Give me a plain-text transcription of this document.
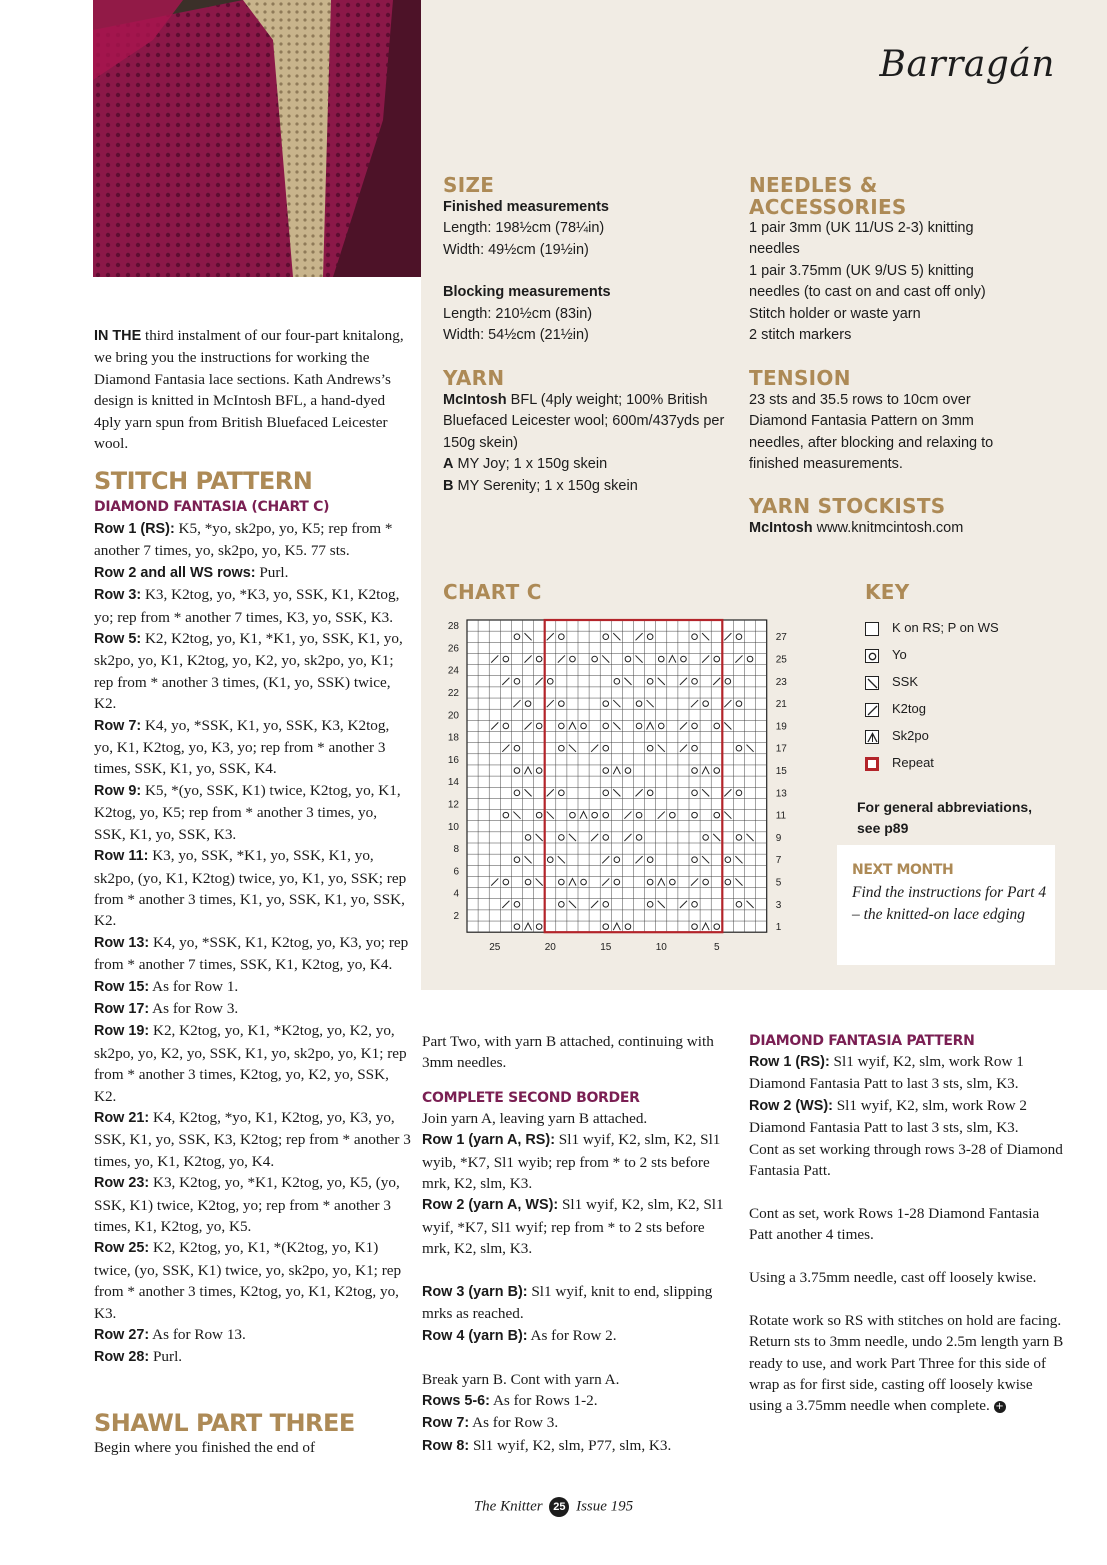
Barragán
SIZE
Finished measurements
Length: 198½cm (78¼in)
Width: 49½cm (19½in)
Blocking measurements
Length: 210½cm (83in)
Width: 54½cm (21½in)
YARN
McIntosh BFL (4ply weight; 100% British Bluefaced Leicester wool; 600m/437yds per 150g skein)
A MY Joy; 1 x 150g skein
B MY Serenity; 1 x 150g skein
NEEDLES &
ACCESSORIES
1 pair 3mm (UK 11/US 2-3) knitting needles
1 pair 3.75mm (UK 9/US 5) knitting needles (to cast on and cast off only)
Stitch holder or waste yarn
2 stitch markers
TENSION
23 sts and 35.5 rows to 10cm over Diamond Fantasia Pattern on 3mm needles, after blocking and relaxing to finished measurements.
YARN STOCKISTS
McIntosh www.knitmcintosh.com
CHART C
2
4
6
8
10
12
14
16
18
20
22
24
26
28
1
3
5
7
9
11
13
15
17
19
21
23
25
27
25	20	15	10	5
KEY
K on RS; P on WS
Yo
SSK
K2tog
Sk2po
Repeat
For general abbreviations, see p89
NEXT MONTH
Find the instructions for Part 4 – the knitted-on lace edging
IN THE third instalment of our four-part knitalong, we bring you the instructions for working the Diamond Fantasia lace sections. Kath Andrews’s design is knitted in McIntosh BFL, a hand-dyed 4ply yarn spun from British Bluefaced Leicester wool.
STITCH PATTERN
DIAMOND FANTASIA (CHART C)
Row 1 (RS): K5, *yo, sk2po, yo, K5; rep from * another 7 times, yo, sk2po, yo, K5. 77 sts.
Row 2 and all WS rows: Purl.
Row 3: K3, K2tog, yo, *K3, yo, SSK, K1, K2tog, yo; rep from * another 7 times, K3, yo, SSK, K3.
Row 5: K2, K2tog, yo, K1, *K1, yo, SSK, K1, yo, sk2po, yo, K1, K2tog, yo, K2, yo, sk2po, yo, K1; rep from * another 3 times, (K1, yo, SSK) twice, K2.
Row 7: K4, yo, *SSK, K1, yo, SSK, K3, K2tog, yo, K1, K2tog, yo, K3, yo; rep from * another 3 times, SSK, K1, yo, SSK, K4.
Row 9: K5, *(yo, SSK, K1) twice, K2tog, yo, K1, K2tog, yo, K5; rep from * another 3 times, yo, SSK, K1, yo, SSK, K3.
Row 11: K3, yo, SSK, *K1, yo, SSK, K1, yo, sk2po, (yo, K1, K2tog) twice, yo, K1, yo, SSK; rep from * another 3 times, K1, yo, SSK, K1, yo, SSK, K2.
Row 13: K4, yo, *SSK, K1, K2tog, yo, K3, yo; rep from * another 7 times, SSK, K1, K2tog, yo, K4.
Row 15: As for Row 1.
Row 17: As for Row 3.
Row 19: K2, K2tog, yo, K1, *K2tog, yo, K2, yo, sk2po, yo, K2, yo, SSK, K1, yo, sk2po, yo, K1; rep from * another 3 times, K2tog, yo, K2, yo, SSK, K2.
Row 21: K4, K2tog, *yo, K1, K2tog, yo, K3, yo, SSK, K1, yo, SSK, K3, K2tog; rep from * another 3 times, yo, K1, K2tog, yo, K4.
Row 23: K3, K2tog, yo, *K1, K2tog, yo, K5, (yo, SSK, K1) twice, K2tog, yo; rep from * another 3 times, K1, K2tog, yo, K5.
Row 25: K2, K2tog, yo, K1, *(K2tog, yo, K1) twice, (yo, SSK, K1) twice, yo, sk2po, yo, K1; rep from * another 3 times, K2tog, yo, K1, K2tog, yo, K3.
Row 27: As for Row 13.
Row 28: Purl.
SHAWL PART THREE
Begin where you finished the end of
Part Two, with yarn B attached, continuing with 3mm needles.
COMPLETE SECOND BORDER
Join yarn A, leaving yarn B attached.
Row 1 (yarn A, RS): Sl1 wyif, K2, slm, K2, Sl1 wyib, *K7, Sl1 wyib; rep from * to 2 sts before mrk, K2, slm, K3.
Row 2 (yarn A, WS): Sl1 wyif, K2, slm, K2, Sl1 wyif, *K7, Sl1 wyif; rep from * to 2 sts before mrk, K2, slm, K3.
Row 3 (yarn B): Sl1 wyif, knit to end, slipping mrks as reached.
Row 4 (yarn B): As for Row 2.
Break yarn B. Cont with yarn A.
Rows 5-6: As for Rows 1-2.
Row 7: As for Row 3.
Row 8: Sl1 wyif, K2, slm, P77, slm, K3.
DIAMOND FANTASIA PATTERN
Row 1 (RS): Sl1 wyif, K2, slm, work Row 1 Diamond Fantasia Patt to last 3 sts, slm, K3.
Row 2 (WS): Sl1 wyif, K2, slm, work Row 2 Diamond Fantasia Patt to last 3 sts, slm, K3.
Cont as set working through rows 3-28 of Diamond Fantasia Patt.
Cont as set, work Rows 1-28 Diamond Fantasia Patt another 4 times.
Using a 3.75mm needle, cast off loosely kwise.
Rotate work so RS with stitches on hold are facing. Return sts to 3mm needle, undo 2.5m length yarn B ready to use, and work Part Three for this side of wrap as for first side, casting off loosely kwise using a 3.75mm needle when complete. +
The Knitter 25 Issue 195
